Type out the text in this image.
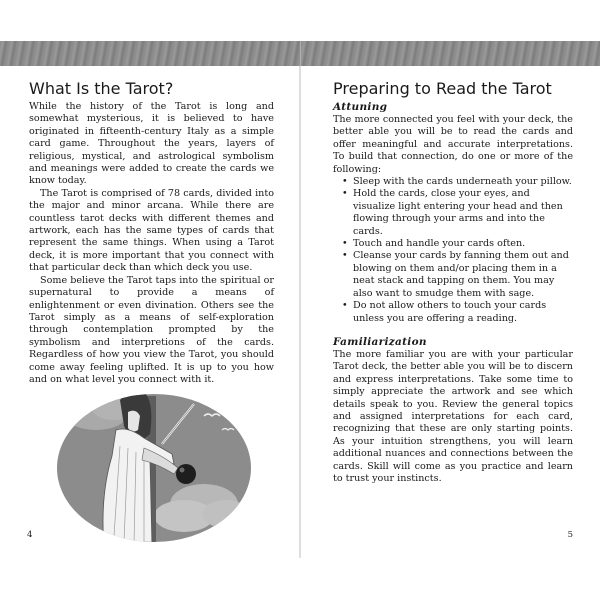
What Is the Tarot?

While the history of the Tarot is long and somewhat mysterious, it is believed to have originated in fifteenth-century Italy as a simple card game. Throughout the years, layers of religious, mystical, and astrological symbolism and meanings were added to create the cards we know today.

The Tarot is comprised of 78 cards, divided into the major and minor arcana. While there are countless tarot decks with different themes and artwork, each has the same types of cards that represent the same things. When using a Tarot deck, it is more important that you connect with that particular deck than which deck you use.

Some believe the Tarot taps into the spiritual or supernatural to provide a means of enlightenment or even divination. Others see the Tarot simply as a means of self-exploration through contemplation prompted by the symbolism and interpretions of the cards. Regardless of how you view the Tarot, you should come away feeling uplifted. It is up to you how and on what level you connect with it.

4
Preparing to Read the Tarot

Attuning

The more connected you feel with your deck, the better able you will be to read the cards and offer meaningful and accurate interpretations. To build that connection, do one or more of the following:

• Sleep with the cards underneath your pillow.
• Hold the cards, close your eyes, and visualize light entering your head and then flowing through your arms and into the cards.
• Touch and handle your cards often.
• Cleanse your cards by fanning them out and blowing on them and/or placing them in a neat stack and tapping on them. You may also want to smudge them with sage.
• Do not allow others to touch your cards unless you are offering a reading.

Familiarization

The more familiar you are with your particular Tarot deck, the better able you will be to discern and express interpretations. Take some time to simply appreciate the artwork and see which details speak to you. Review the general topics and assigned interpretations for each card, recognizing that these are only starting points. As your intuition strengthens, you will learn additional nuances and connections between the cards. Skill will come as you practice and learn to trust your instincts.

5
